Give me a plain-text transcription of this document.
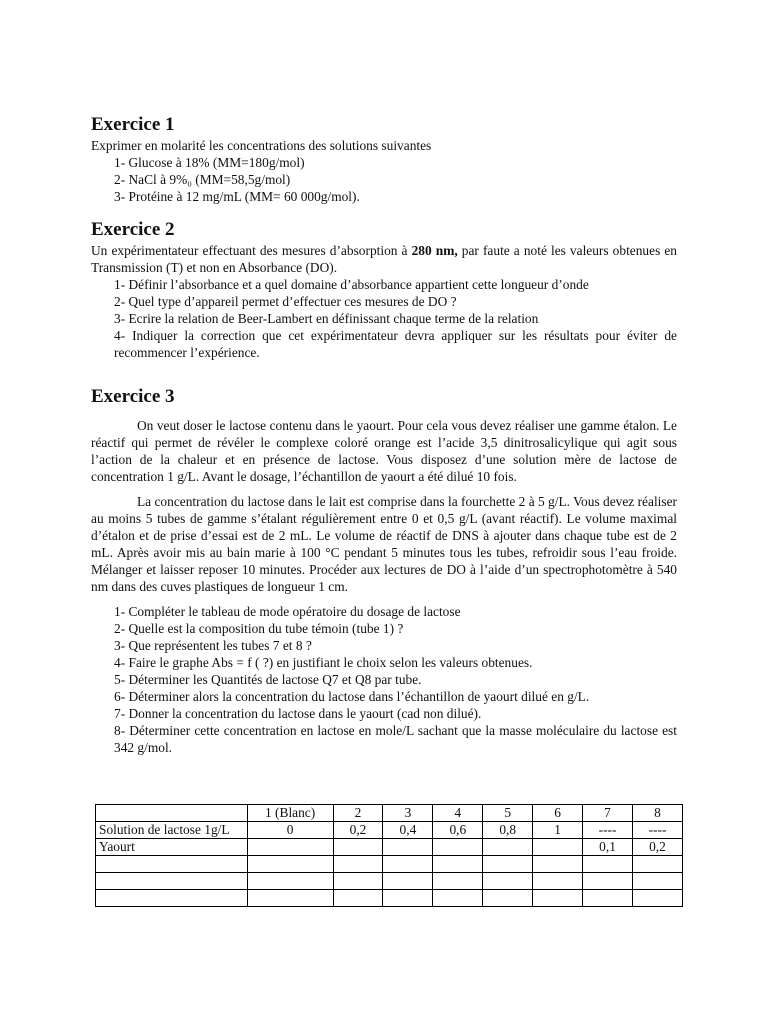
Exercice 1

Exprimer en molarité les concentrations des solutions suivantes

1- Glucose à 18% (MM=180g/mol)
2- NaCl à 9%₀ (MM=58,5g/mol)
3- Protéine à 12 mg/mL (MM= 60 000g/mol).
Exercice 2

Un expérimentateur effectuant des mesures d’absorption à 280 nm, par faute a noté les valeurs obtenues en Transmission (T) et non en Absorbance (DO).

1- Définir l’absorbance et a quel domaine d’absorbance appartient cette longueur d’onde
2- Quel type d’appareil permet d’effectuer ces mesures de DO ?
3- Ecrire la relation de Beer-Lambert en définissant chaque terme de la relation
4- Indiquer la correction que cet expérimentateur devra appliquer sur les résultats pour éviter de recommencer l’expérience.
Exercice 3

On veut doser le lactose contenu dans le yaourt. Pour cela vous devez réaliser une gamme étalon. Le réactif qui permet de révéler le complexe coloré orange est l’acide 3,5 dinitrosalicylique qui agit sous l’action de la chaleur et en présence de lactose. Vous disposez d’une solution mère de lactose de concentration 1 g/L. Avant le dosage, l’échantillon de yaourt a été dilué 10 fois.

La concentration du lactose dans le lait est comprise dans la fourchette 2 à 5 g/L. Vous devez réaliser au moins 5 tubes de gamme s’étalant régulièrement entre 0 et 0,5 g/L (avant réactif). Le volume maximal d’étalon et de prise d’essai est de 2 mL. Le volume de réactif de DNS à ajouter dans chaque tube est de 2 mL. Après avoir mis au bain marie à 100 °C pendant 5 minutes tous les tubes, refroidir sous l’eau froide. Mélanger et laisser reposer 10 minutes. Procéder aux lectures de DO à l’aide d’un spectrophotomètre à 540 nm dans des cuves plastiques de longueur 1 cm.

1- Compléter le tableau de mode opératoire du dosage de lactose
2- Quelle est la composition du tube témoin (tube 1) ?
3- Que représentent les tubes 7 et 8 ?
4- Faire le graphe Abs = f ( ?) en justifiant le choix selon les valeurs obtenues.
5- Déterminer les Quantités de lactose Q7 et Q8 par tube.
6- Déterminer alors la concentration du lactose dans l’échantillon de yaourt dilué en g/L.
7- Donner la concentration du lactose dans le yaourt (cad non dilué).
8- Déterminer cette concentration en lactose en mole/L sachant que la masse moléculaire du lactose est 342 g/mol.
	1 (Blanc)	2	3	4	5	6	7	8
Solution de lactose 1g/L	0	0,2	0,4	0,6	0,8	1	----	----
Yaourt							0,1	0,2
